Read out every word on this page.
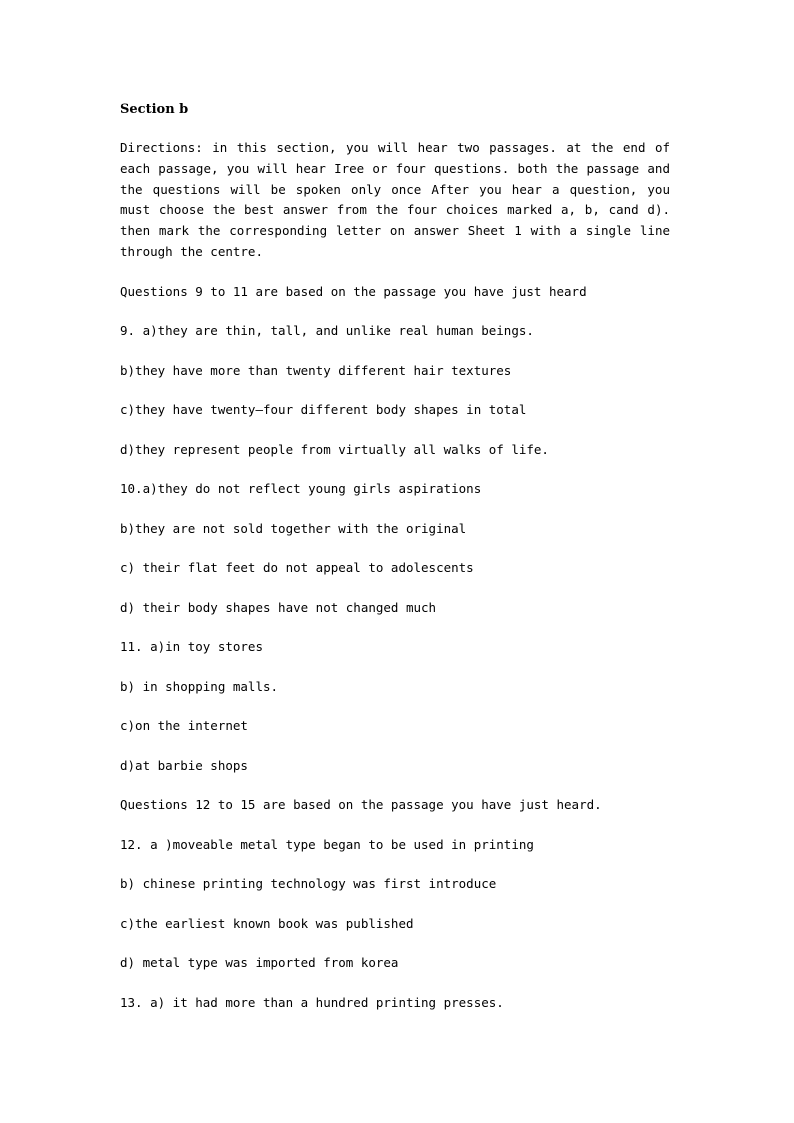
Section b
Directions: in this section, you will hear two passages. at the end of each passage, you will hear Iree or four questions. both the passage and the questions will be spoken only once After you hear a question, you must choose the best answer from the four choices marked a, b, cand d). then mark the corresponding letter on answer Sheet 1 with a single line through the centre.
Questions 9 to 11 are based on the passage you have just heard
9. a)they are thin, tall, and unlike real human beings.
b)they have more than twenty different hair textures
c)they have twenty—four different body shapes in total
d)they represent people from virtually all walks of life.
10.a)they do not reflect young girls aspirations
b)they are not sold together with the original
c) their flat feet do not appeal to adolescents
d) their body shapes have not changed much
11. a)in toy stores
b) in shopping malls.
c)on the internet
d)at barbie shops
Questions 12 to 15 are based on the passage you have just heard.
12. a )moveable metal type began to be used in printing
b) chinese printing technology was first introduce
c)the earliest known book was published
d) metal type was imported from korea
13. a) it had more than a hundred printing presses.
